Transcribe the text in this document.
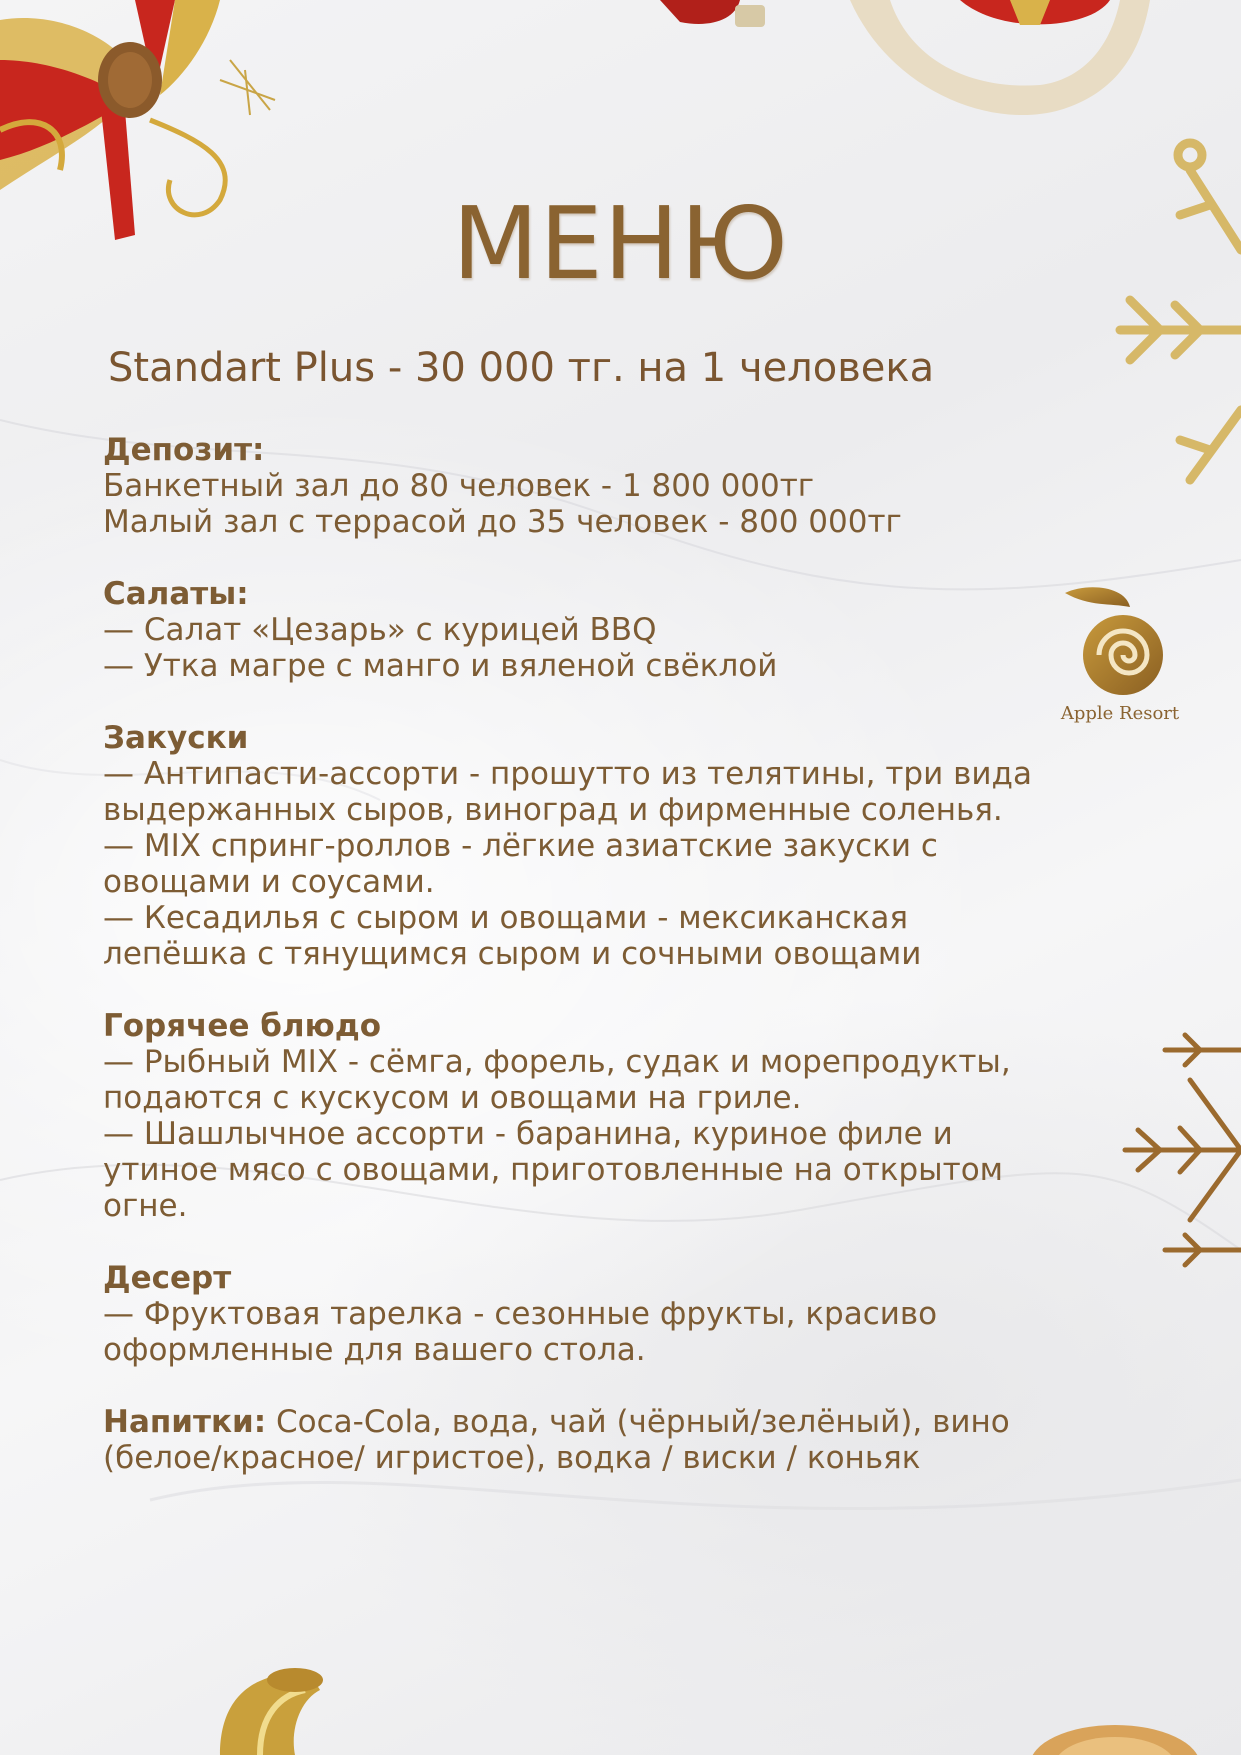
Apple Resort
МЕНЮ
Standart Plus - 30 000 тг. на 1 человека
Депозит:
Банкетный зал до 80 человек - 1 800 000тг
Малый зал с террасой до 35 человек - 800 000тг
Салаты:
— Салат «Цезарь» с курицей BBQ
— Утка магре с манго и вяленой свёклой
Закуски
— Антипасти-ассорти - прошутто из телятины, три вида
выдержанных сыров, виноград и фирменные соленья.
— MIX спринг-роллов - лёгкие азиатские закуски с
овощами и соусами.
— Кесадилья с сыром и овощами - мексиканская
лепёшка с тянущимся сыром и сочными овощами
Горячее блюдо
— Рыбный MIX - сёмга, форель, судак и морепродукты,
подаются с кускусом и овощами на гриле.
— Шашлычное ассорти - баранина, куриное филе и
утиное мясо с овощами, приготовленные на открытом
огне.
Десерт
— Фруктовая тарелка - сезонные фрукты, красиво
оформленные для вашего стола.
Напитки: Coca-Cola, вода, чай (чёрный/зелёный), вино
(белое/красное/ игристое), водка / виски / коньяк
